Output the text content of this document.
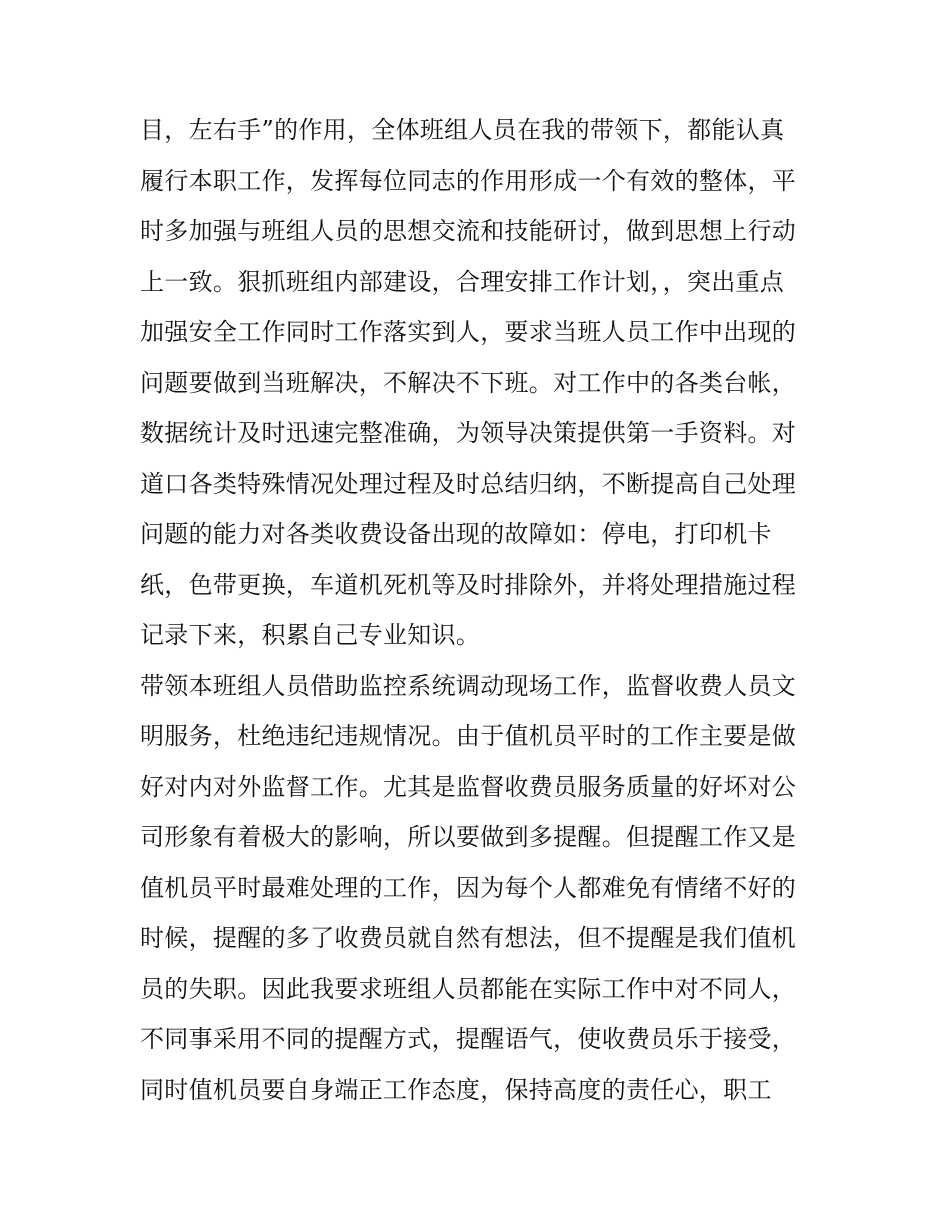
目，左右手”的作用，全体班组人员在我的带领下，都能认真
履行本职工作，发挥每位同志的作用形成一个有效的整体，平
时多加强与班组人员的思想交流和技能研讨，做到思想上行动
上一致。狠抓班组内部建设，合理安排工作计划，，突出重点
加强安全工作同时工作落实到人，要求当班人员工作中出现的
问题要做到当班解决，不解决不下班。对工作中的各类台帐，
数据统计及时迅速完整准确，为领导决策提供第一手资料。对
道口各类特殊情况处理过程及时总结归纳，不断提高自己处理
问题的能力对各类收费设备出现的故障如：停电，打印机卡
纸，色带更换，车道机死机等及时排除外，并将处理措施过程
记录下来，积累自己专业知识。
带领本班组人员借助监控系统调动现场工作，监督收费人员文
明服务，杜绝违纪违规情况。由于值机员平时的工作主要是做
好对内对外监督工作。尤其是监督收费员服务质量的好坏对公
司形象有着极大的影响，所以要做到多提醒。但提醒工作又是
值机员平时最难处理的工作，因为每个人都难免有情绪不好的
时候，提醒的多了收费员就自然有想法，但不提醒是我们值机
员的失职。因此我要求班组人员都能在实际工作中对不同人，
不同事采用不同的提醒方式，提醒语气，使收费员乐于接受，
同时值机员要自身端正工作态度，保持高度的责任心，职工
